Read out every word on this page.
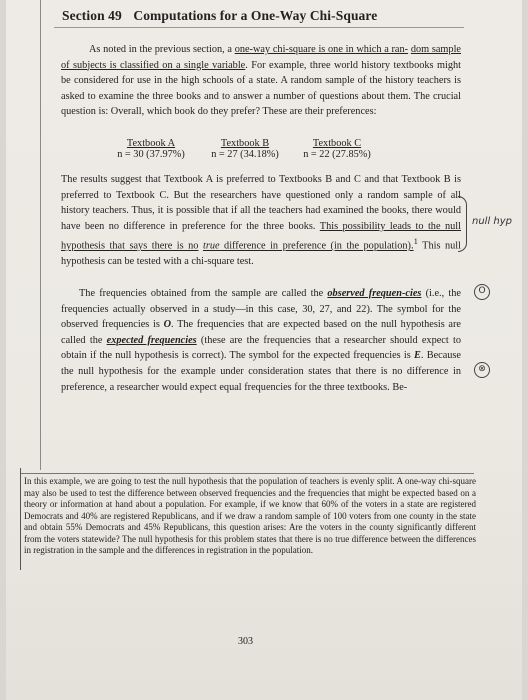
Section 49 Computations for a One-Way Chi-Square
As noted in the previous section, a one-way chi-square is one in which a ran- dom sample of subjects is classified on a single variable. For example, three world history textbooks might be considered for use in the high schools of a state. A random sample of the history teachers is asked to examine the three books and to answer a number of questions about them. The crucial question is: Overall, which book do they prefer? These are their preferences:
Textbook A
n = 30 (37.97%)
Textbook B
n = 27 (34.18%)
Textbook C
n = 22 (27.85%)
The results suggest that Textbook A is preferred to Textbooks B and C and that Textbook B is preferred to Textbook C. But the researchers have questioned only a random sample of all history teachers. Thus, it is possible that if all the teachers had examined the books, there would have been no difference in preference for the three books. This possibility leads to the null hypothesis that says there is no true difference in preference (in the population).$^1$ This null hypothesis can be tested with a chi-square test.
null hyp
The frequencies obtained from the sample are called the observed frequen-cies (i.e., the frequencies actually observed in a study—in this case, 30, 27, and 22). The symbol for the observed frequencies is O. The frequencies that are expected based on the null hypothesis are called the expected frequencies (these are the frequencies that a researcher should expect to obtain if the null hypothesis is correct). The symbol for the expected frequencies is E. Because the null hypothesis for the example under consideration states that there is no difference in preference, a researcher would expect equal frequencies for the three textbooks. Be-
O
⊗
In this example, we are going to test the null hypothesis that the population of teachers is evenly split. A one-way chi-square may also be used to test the difference between observed frequencies and the frequencies that might be expected based on a theory or information at hand about a population. For example, if we know that 60% of the voters in a state are registered Democrats and 40% are registered Republicans, and if we draw a random sample of 100 voters from one county in the state and obtain 55% Democrats and 45% Republicans, this question arises: Are the voters in the county significantly different from the voters statewide? The null hypothesis for this problem states that there is no true difference between the differences in registration in the sample and the differences in registration in the population.
303
